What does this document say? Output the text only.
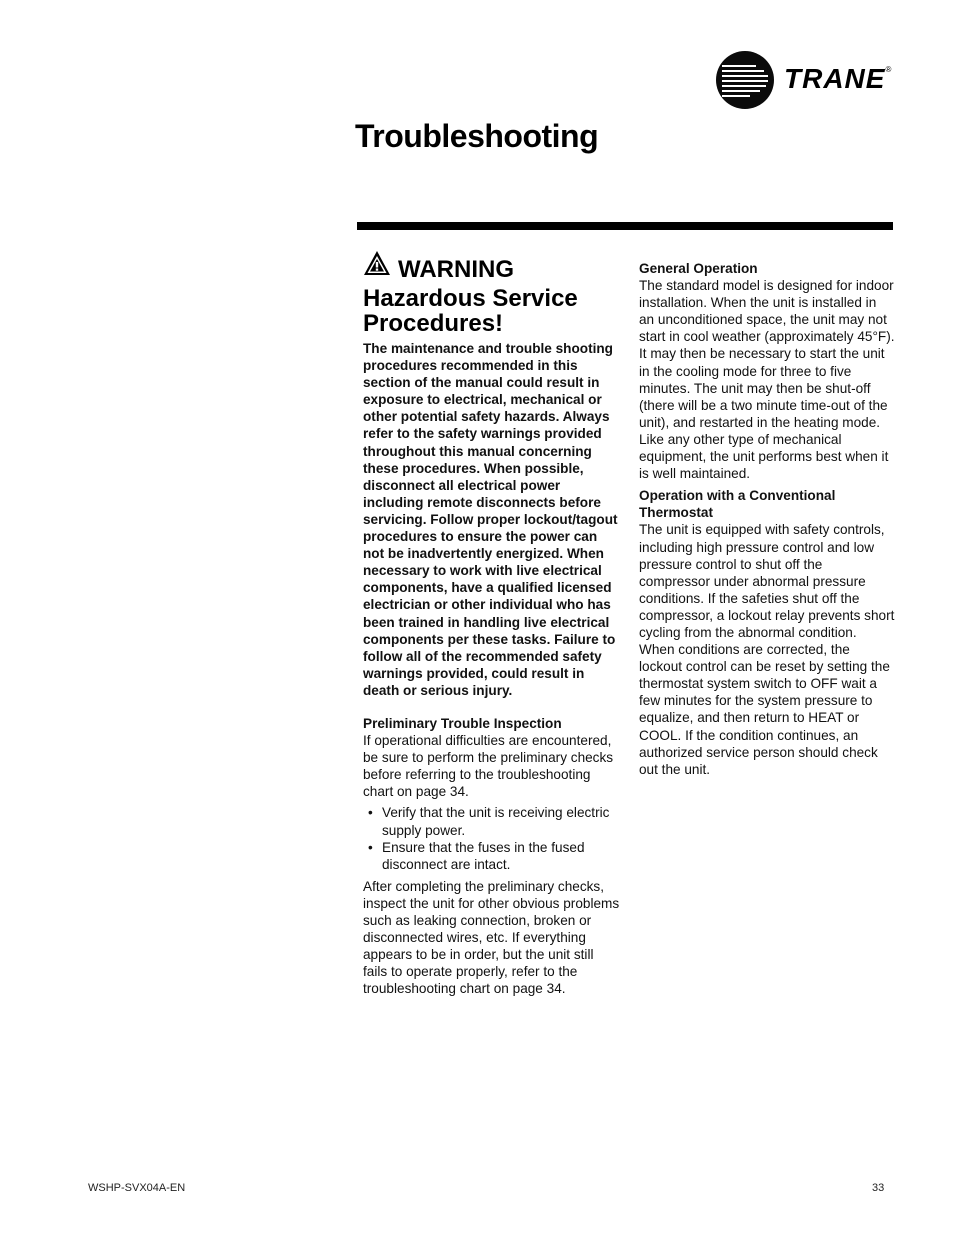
TRANE®
Troubleshooting
WARNING
Hazardous Service Procedures!

The maintenance and trouble shooting procedures recommended in this section of the manual could result in exposure to electrical, mechanical or other potential safety hazards. Always refer to the safety warnings provided throughout this manual concerning these procedures. When possible, disconnect all electrical power including remote disconnects before servicing. Follow proper lockout/tagout procedures to ensure the power can not be inadvertently energized. When necessary to work with live electrical components, have a qualified licensed electrician or other individual who has been trained in handling live electrical components per these tasks. Failure to follow all of the recommended safety warnings provided, could result in death or serious injury.

Preliminary Trouble Inspection

If operational difficulties are encountered, be sure to perform the preliminary checks before referring to the troubleshooting chart on page 34.

• Verify that the unit is receiving electric supply power.
• Ensure that the fuses in the fused disconnect are intact.

After completing the preliminary checks, inspect the unit for other obvious problems such as leaking connection, broken or disconnected wires, etc. If everything appears to be in order, but the unit still fails to operate properly, refer to the troubleshooting chart on page 34.

General Operation

The standard model is designed for indoor installation. When the unit is installed in an unconditioned space, the unit may not start in cool weather (approximately 45°F). It may then be necessary to start the unit in the cooling mode for three to five minutes. The unit may then be shut-off (there will be a two minute time-out of the unit), and restarted in the heating mode.

Like any other type of mechanical equipment, the unit performs best when it is well maintained.

Operation with a Conventional Thermostat

The unit is equipped with safety controls, including high pressure control and low pressure control to shut off the compressor under abnormal pressure conditions. If the safeties shut off the compressor, a lockout relay prevents short cycling from the abnormal condition. When conditions are corrected, the lockout control can be reset by setting the thermostat system switch to OFF wait a few minutes for the system pressure to equalize, and then return to HEAT or COOL. If the condition continues, an authorized service person should check out the unit.

WSHP-SVX04A-EN	33
